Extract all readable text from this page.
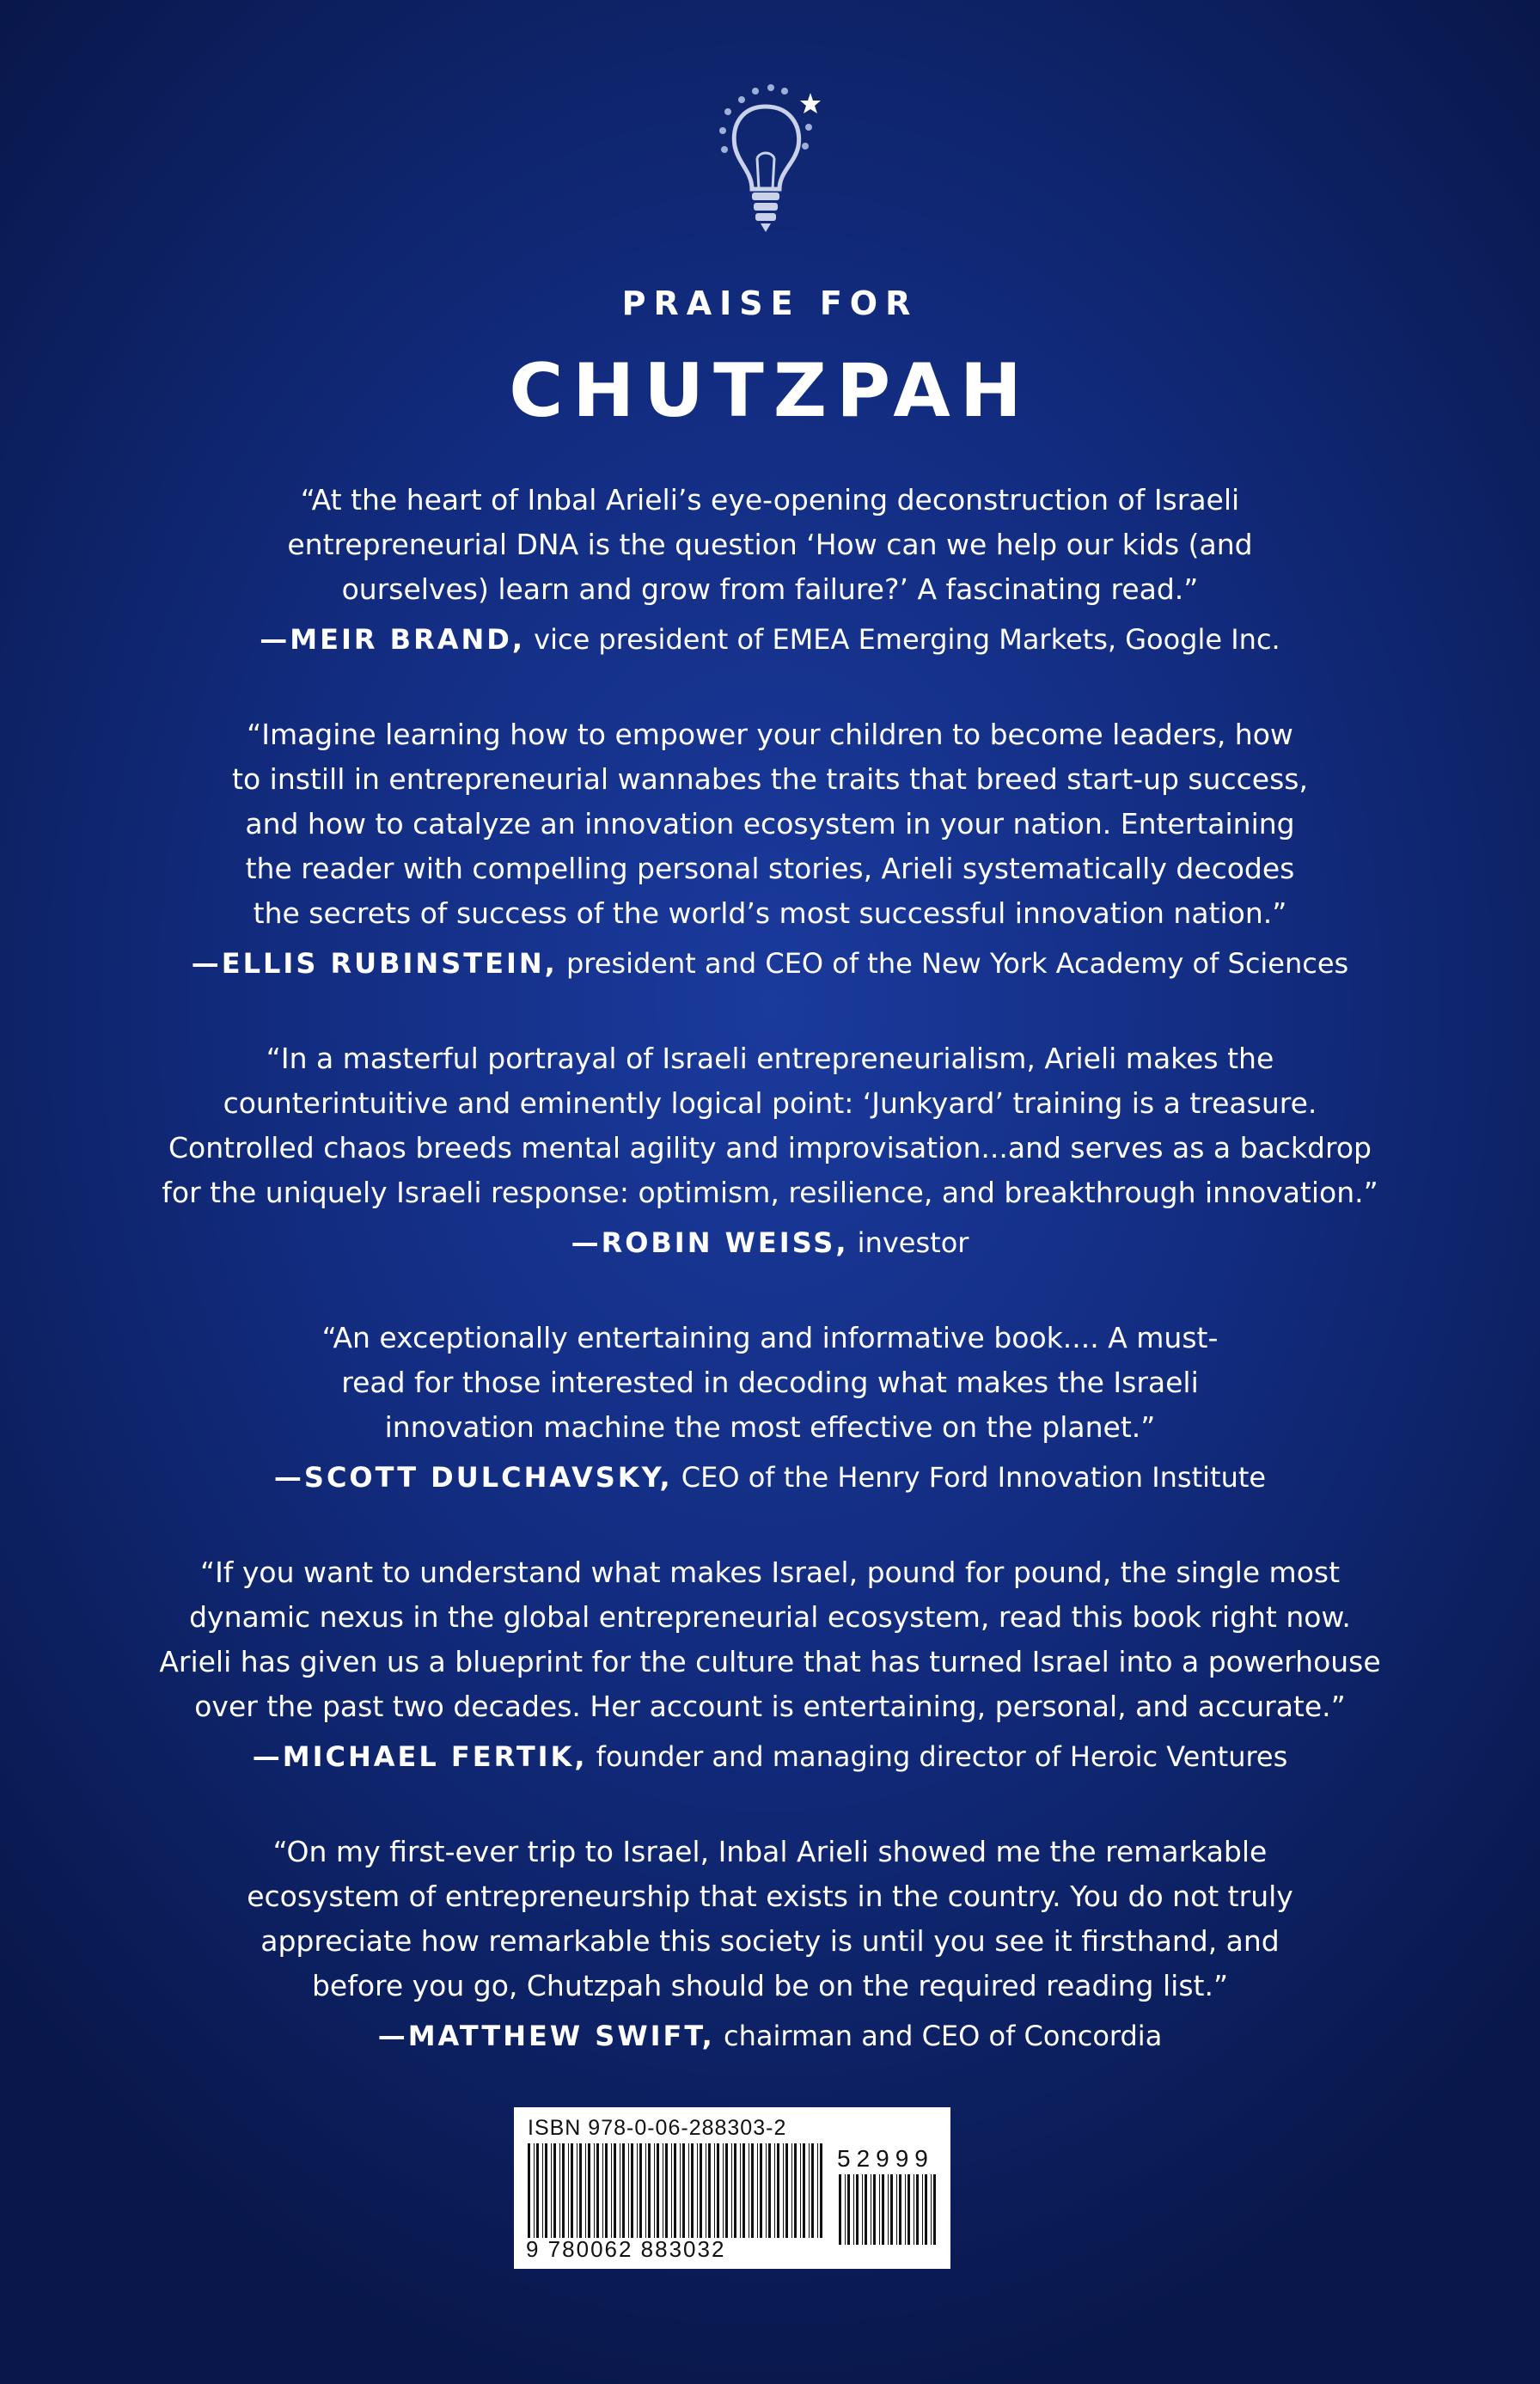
PRAISE FOR
CHUTZPAH
“At the heart of Inbal Arieli’s eye-opening deconstruction of Israeli
entrepreneurial DNA is the question ‘How can we help our kids (and
ourselves) learn and grow from failure?’ A fascinating read.”
—MEIR BRAND, vice president of EMEA Emerging Markets, Google Inc.
“Imagine learning how to empower your children to become leaders, how
to instill in entrepreneurial wannabes the traits that breed start-up success,
and how to catalyze an innovation ecosystem in your nation. Entertaining
the reader with compelling personal stories, Arieli systematically decodes
the secrets of success of the world’s most successful innovation nation.”
—ELLIS RUBINSTEIN, president and CEO of the New York Academy of Sciences
“In a masterful portrayal of Israeli entrepreneurialism, Arieli makes the
counterintuitive and eminently logical point: ‘Junkyard’ training is a treasure.
Controlled chaos breeds mental agility and improvisation...and serves as a backdrop
for the uniquely Israeli response: optimism, resilience, and breakthrough innovation.”
—ROBIN WEISS, investor
“An exceptionally entertaining and informative book.... A must-
read for those interested in decoding what makes the Israeli
innovation machine the most effective on the planet.”
—SCOTT DULCHAVSKY, CEO of the Henry Ford Innovation Institute
“If you want to understand what makes Israel, pound for pound, the single most
dynamic nexus in the global entrepreneurial ecosystem, read this book right now.
Arieli has given us a blueprint for the culture that has turned Israel into a powerhouse
over the past two decades. Her account is entertaining, personal, and accurate.”
—MICHAEL FERTIK, founder and managing director of Heroic Ventures
“On my first-ever trip to Israel, Inbal Arieli showed me the remarkable
ecosystem of entrepreneurship that exists in the country. You do not truly
appreciate how remarkable this society is until you see it firsthand, and
before you go, Chutzpah should be on the required reading list.”
—MATTHEW SWIFT, chairman and CEO of Concordia
ISBN 978-0-06-288303-2
9 780062 883032
52999
